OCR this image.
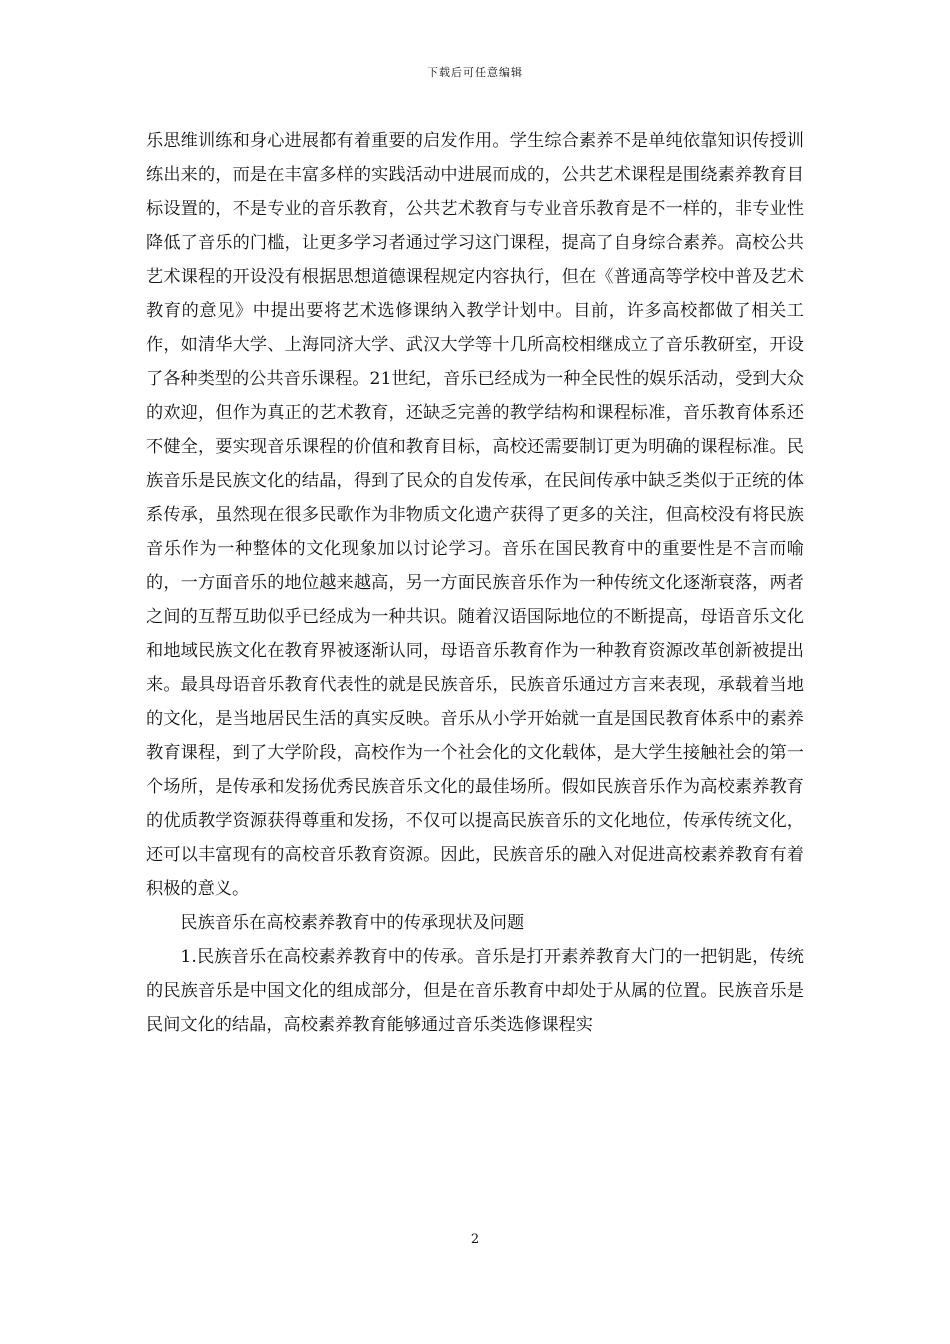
下载后可任意编辑

乐思维训练和身心进展都有着重要的启发作用。学生综合素养不是单纯依靠知识传授训练出来的，而是在丰富多样的实践活动中进展而成的，公共艺术课程是围绕素养教育目标设置的，不是专业的音乐教育，公共艺术教育与专业音乐教育是不一样的，非专业性降低了音乐的门槛，让更多学习者通过学习这门课程，提高了自身综合素养。高校公共艺术课程的开设没有根据思想道德课程规定内容执行，但在《普通高等学校中普及艺术教育的意见》中提出要将艺术选修课纳入教学计划中。目前，许多高校都做了相关工作，如清华大学、上海同济大学、武汉大学等十几所高校相继成立了音乐教研室，开设了各种类型的公共音乐课程。21世纪，音乐已经成为一种全民性的娱乐活动，受到大众的欢迎，但作为真正的艺术教育，还缺乏完善的教学结构和课程标准，音乐教育体系还不健全，要实现音乐课程的价值和教育目标，高校还需要制订更为明确的课程标准。民族音乐是民族文化的结晶，得到了民众的自发传承，在民间传承中缺乏类似于正统的体系传承，虽然现在很多民歌作为非物质文化遗产获得了更多的关注，但高校没有将民族音乐作为一种整体的文化现象加以讨论学习。音乐在国民教育中的重要性是不言而喻的，一方面音乐的地位越来越高，另一方面民族音乐作为一种传统文化逐渐衰落，两者之间的互帮互助似乎已经成为一种共识。随着汉语国际地位的不断提高，母语音乐文化和地域民族文化在教育界被逐渐认同，母语音乐教育作为一种教育资源改革创新被提出来。最具母语音乐教育代表性的就是民族音乐，民族音乐通过方言来表现，承载着当地的文化，是当地居民生活的真实反映。音乐从小学开始就一直是国民教育体系中的素养教育课程，到了大学阶段，高校作为一个社会化的文化载体，是大学生接触社会的第一个场所，是传承和发扬优秀民族音乐文化的最佳场所。假如民族音乐作为高校素养教育的优质教学资源获得尊重和发扬，不仅可以提高民族音乐的文化地位，传承传统文化，还可以丰富现有的高校音乐教育资源。因此，民族音乐的融入对促进高校素养教育有着积极的意义。

民族音乐在高校素养教育中的传承现状及问题

1.民族音乐在高校素养教育中的传承。音乐是打开素养教育大门的一把钥匙，传统的民族音乐是中国文化的组成部分，但是在音乐教育中却处于从属的位置。民族音乐是民间文化的结晶，高校素养教育能够通过音乐类选修课程实

2
